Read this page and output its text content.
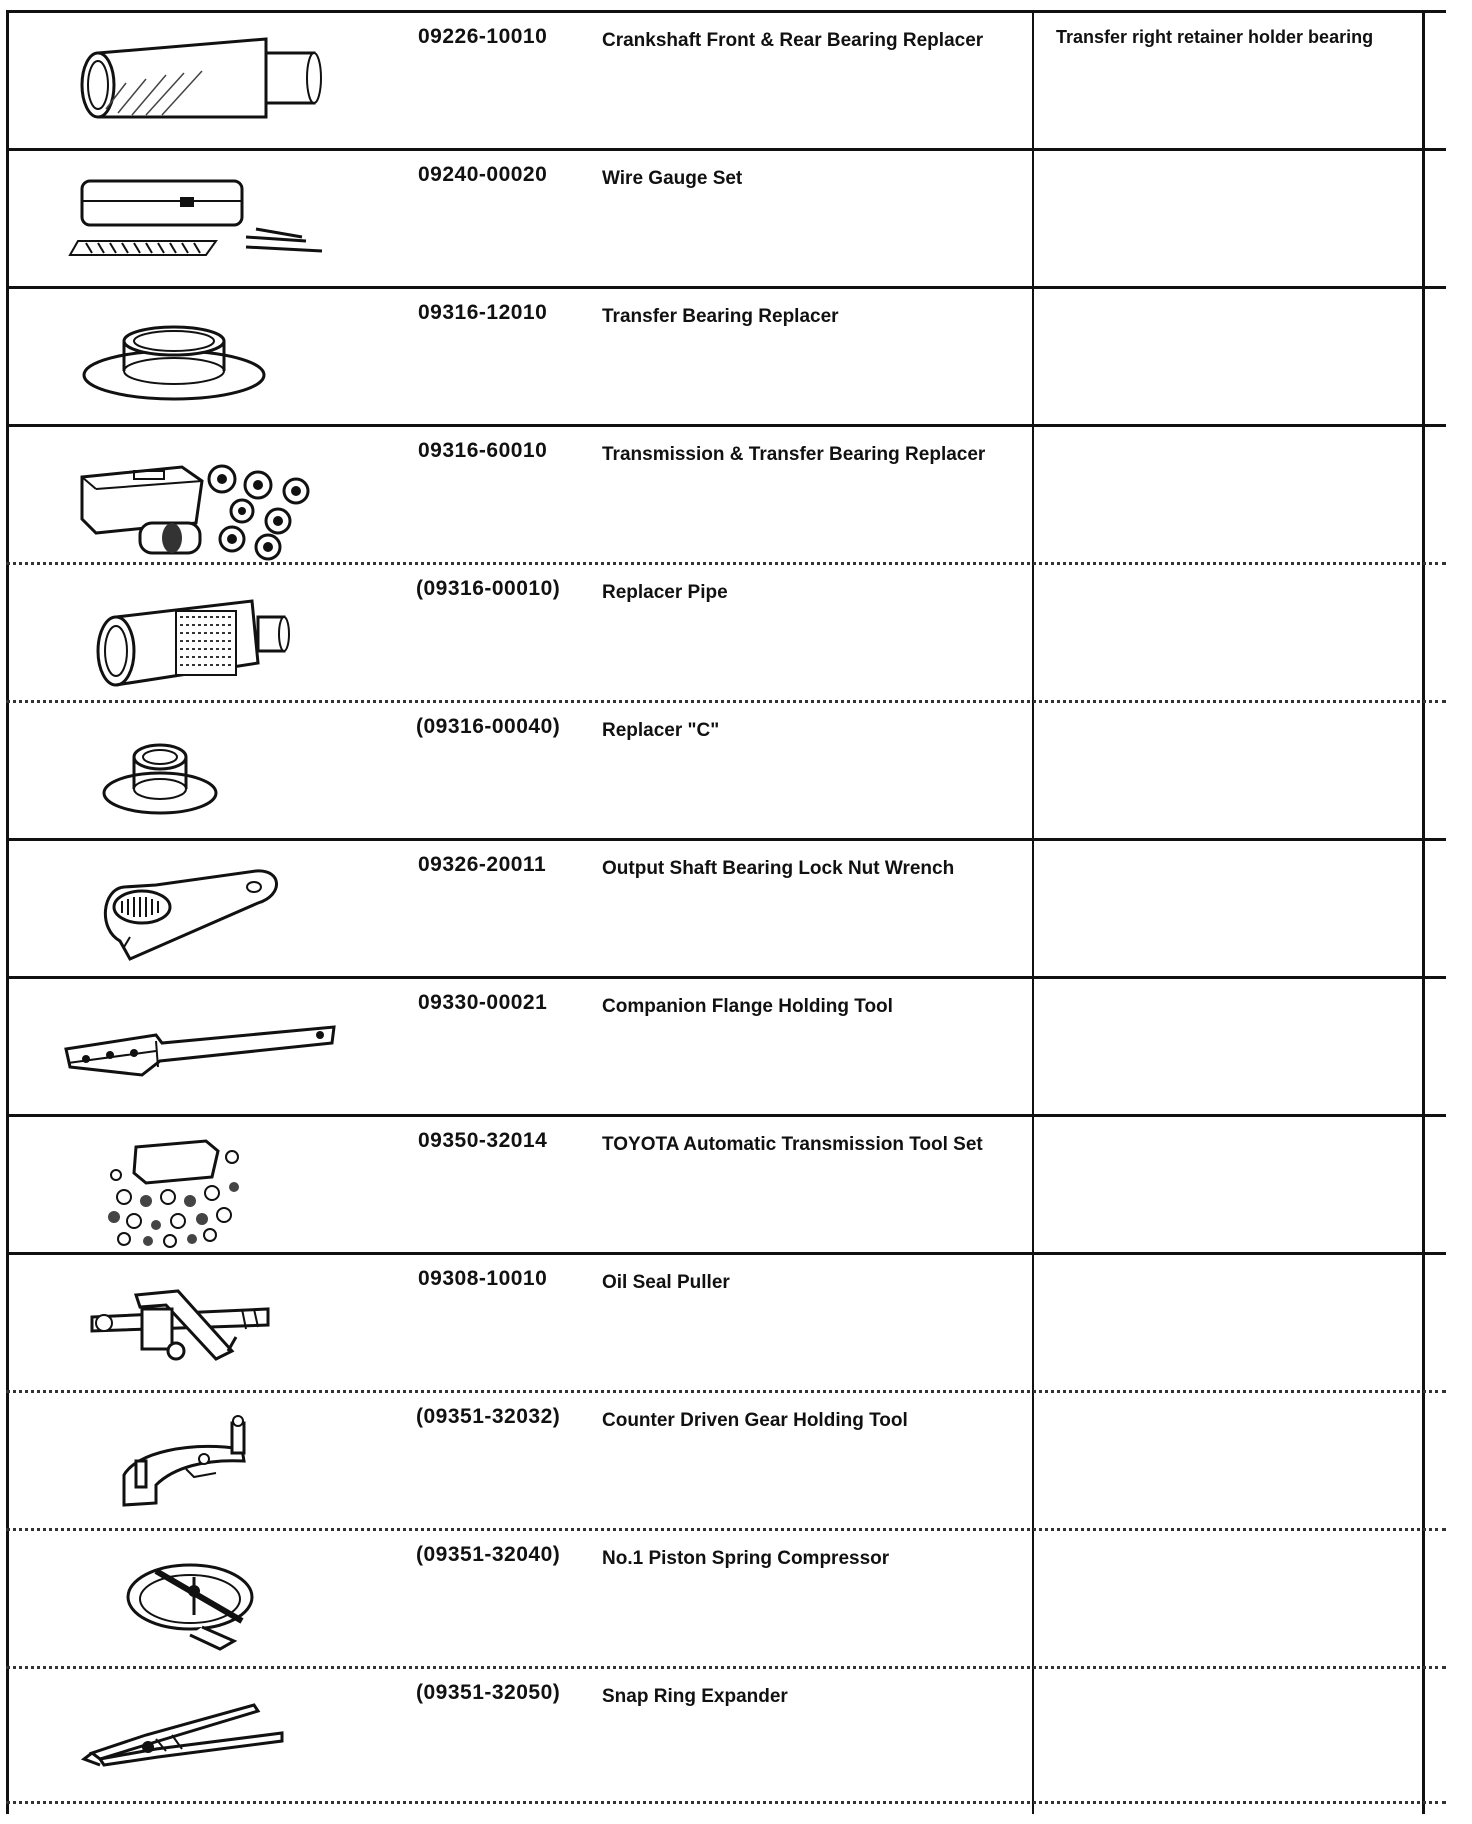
09226-10010	Crankshaft Front & Rear Bearing Replacer	Transfer right retainer holder bearing
09240-00020	Wire Gauge Set
09316-12010	Transfer Bearing Replacer
09316-60010	Transmission & Transfer Bearing Replacer
(09316-00010) Replacer Pipe
(09316-00040) Replacer "C"
09326-20011	Output Shaft Bearing Lock Nut Wrench
09330-00021	Companion Flange Holding Tool
09350-32014	TOYOTA Automatic Transmission Tool Set
09308-10010	Oil Seal Puller
(09351-32032) Counter Driven Gear Holding Tool
(09351-32040) No.1 Piston Spring Compressor
(09351-32050) Snap Ring Expander
